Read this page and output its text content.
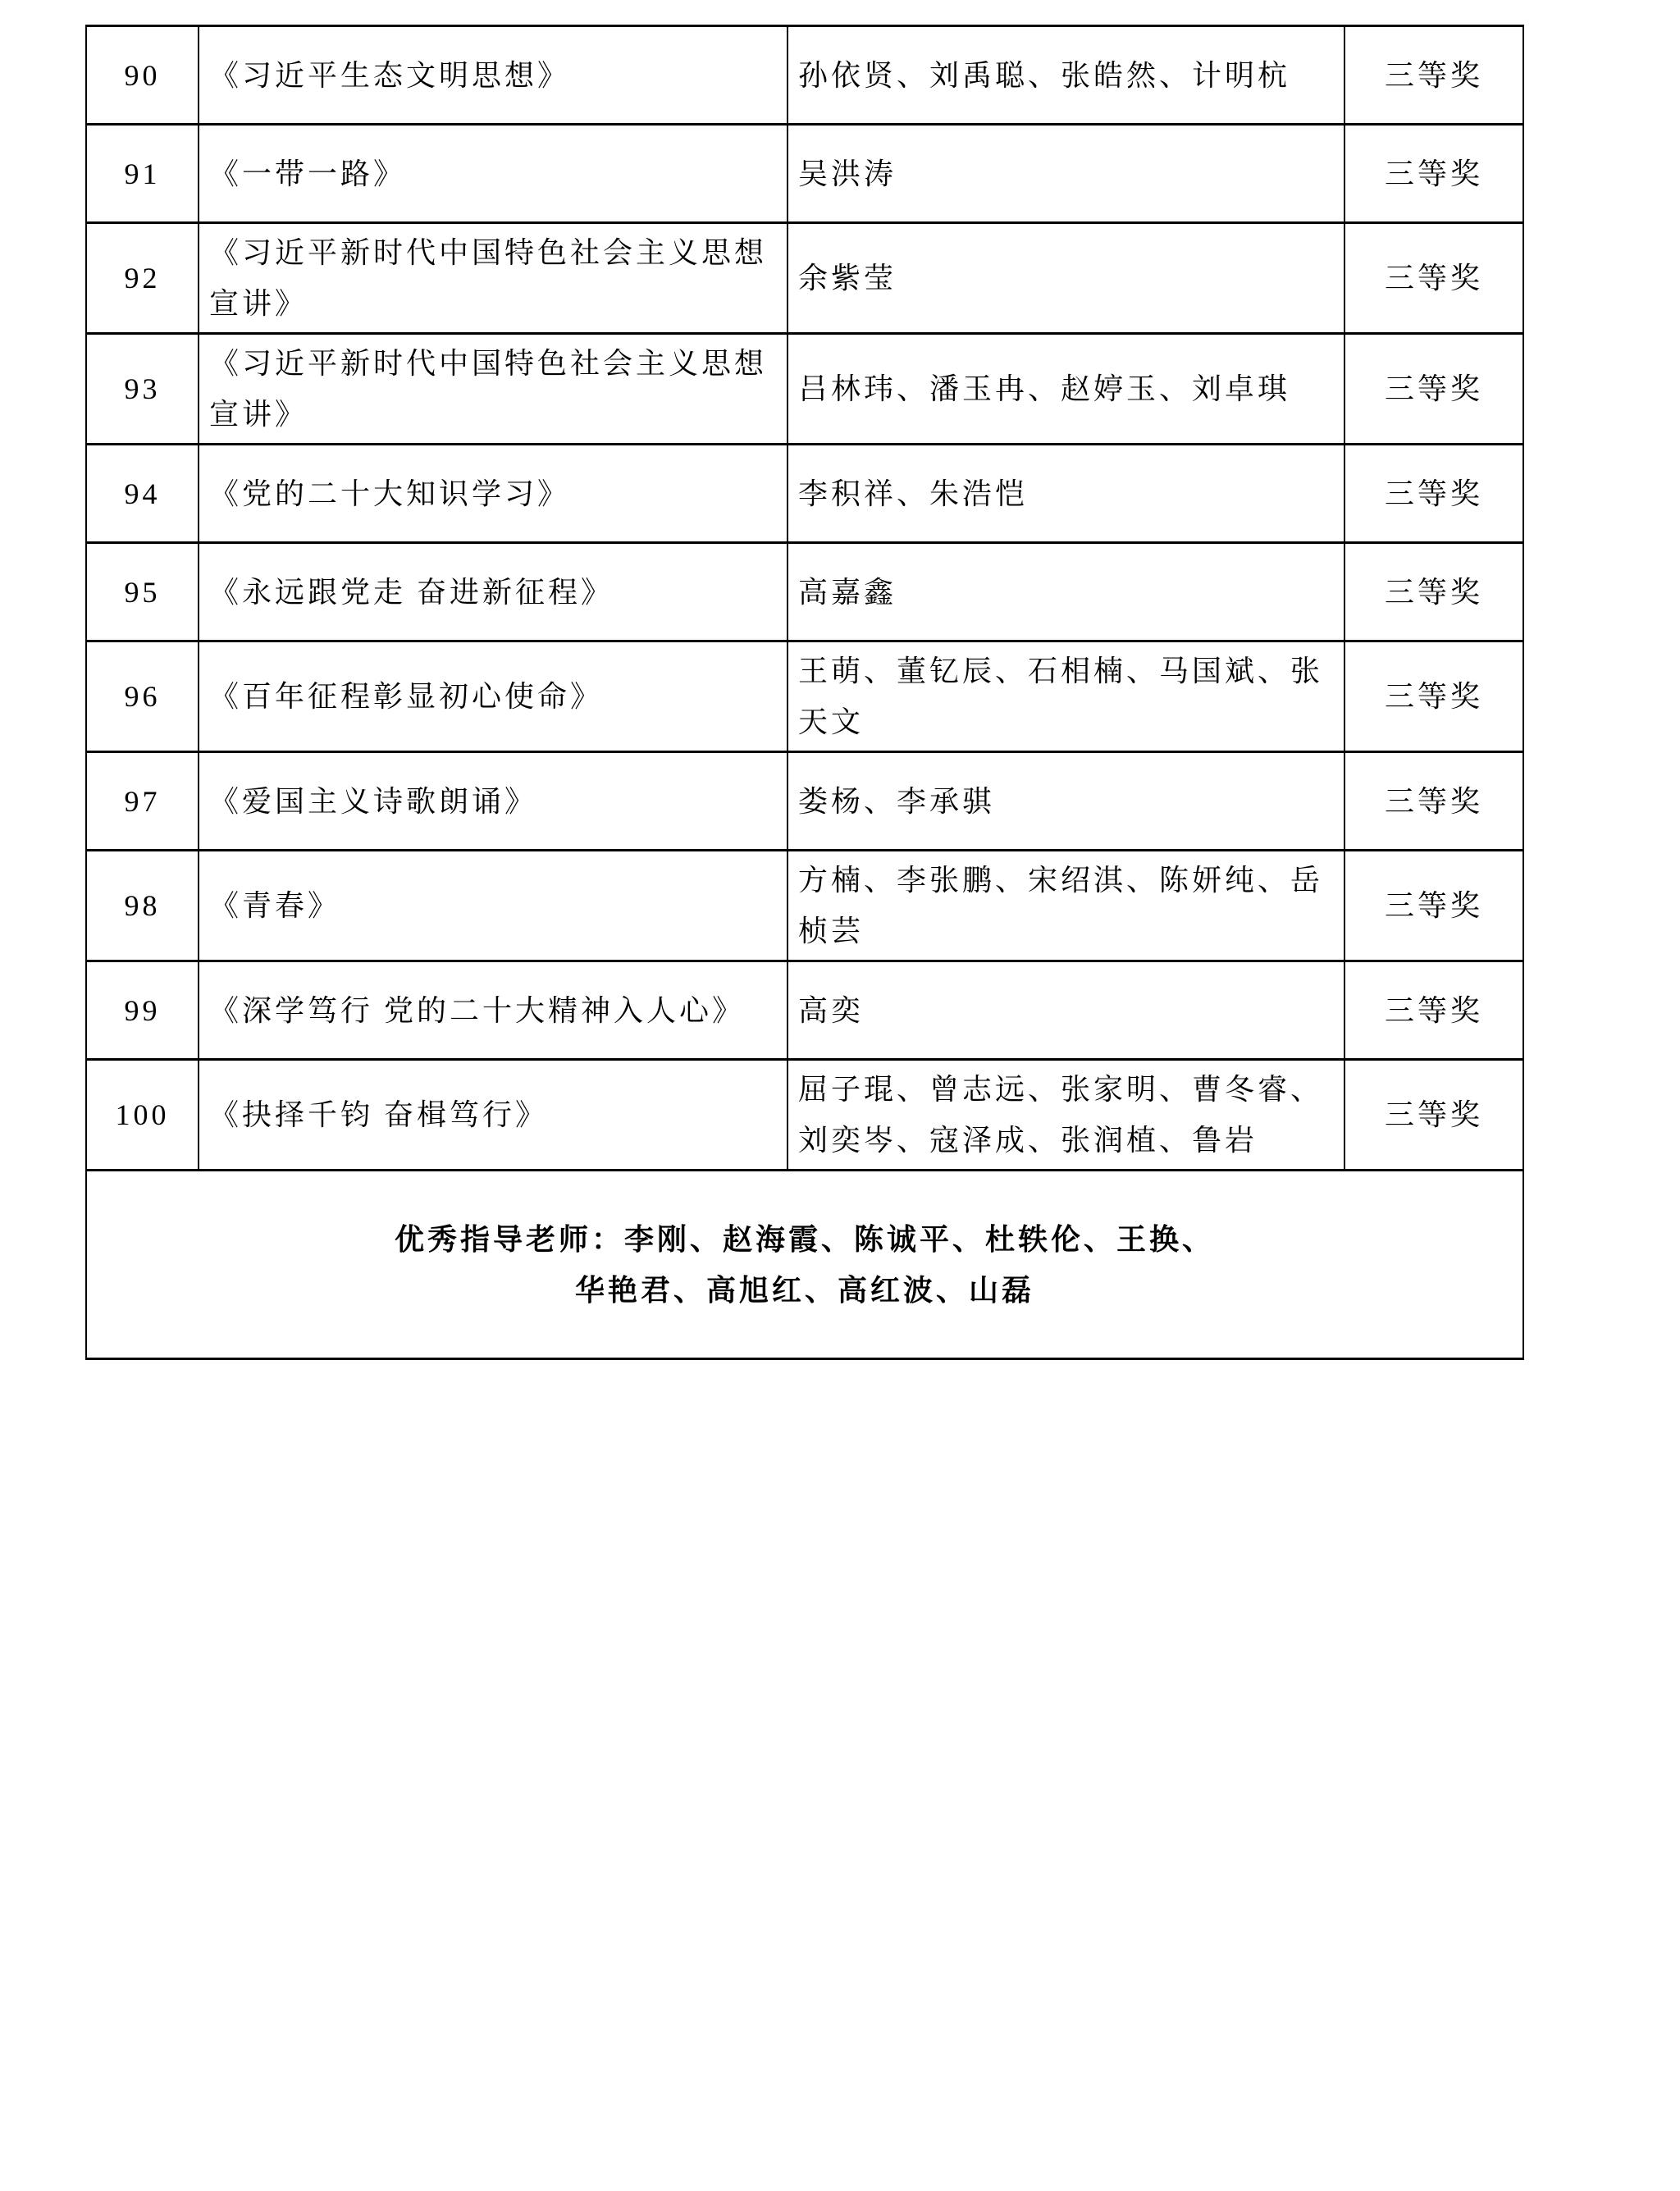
90	《习近平生态文明思想》	孙依贤、刘禹聪、张皓然、计明杭	三等奖
91	《一带一路》	吴洪涛	三等奖
92	《习近平新时代中国特色社会主义思想宣讲》	余紫莹	三等奖
93	《习近平新时代中国特色社会主义思想宣讲》	吕林玮、潘玉冉、赵婷玉、刘卓琪	三等奖
94	《党的二十大知识学习》	李积祥、朱浩恺	三等奖
95	《永远跟党走 奋进新征程》	高嘉鑫	三等奖
96	《百年征程彰显初心使命》	王萌、董钇辰、石相楠、马国斌、张天文	三等奖
97	《爱国主义诗歌朗诵》	娄杨、李承骐	三等奖
98	《青春》	方楠、李张鹏、宋绍淇、陈妍纯、岳桢芸	三等奖
99	《深学笃行 党的二十大精神入人心》	高奕	三等奖
100	《抉择千钧 奋楫笃行》	屈子琨、曾志远、张家明、曹冬睿、刘奕岑、寇泽成、张润植、鲁岩	三等奖

优秀指导老师：李刚、赵海霞、陈诚平、杜轶伦、王换、
华艳君、高旭红、高红波、山磊			
